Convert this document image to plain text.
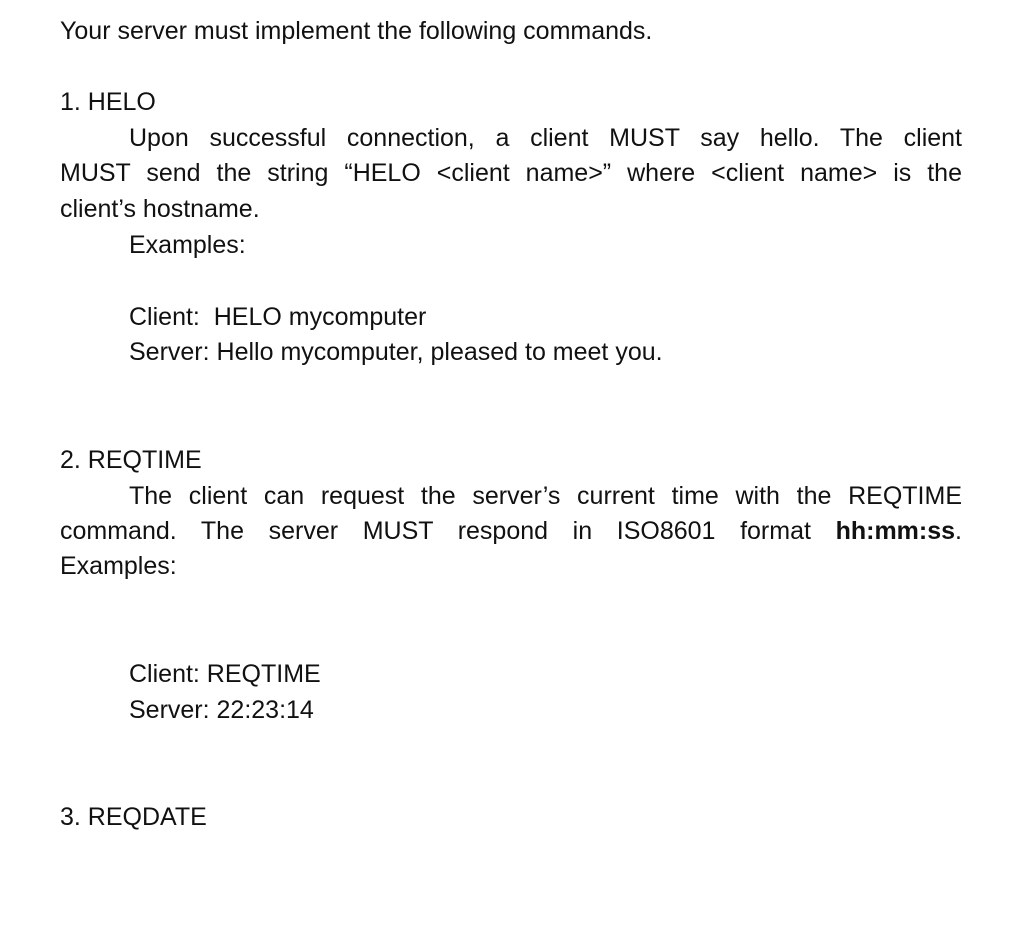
Your server must implement the following commands.

1. HELO

Upon successful connection, a client MUST say hello. The client

MUST send the string “HELO <client name>” where <client name> is the

client’s hostname.

Examples:

Client:  HELO mycomputer

Server: Hello mycomputer, pleased to meet you.

2. REQTIME

The client can request the server’s current time with the REQTIME

command. The server MUST respond in ISO8601 format hh:mm:ss.

Examples:

Client: REQTIME

Server: 22:23:14

3. REQDATE
